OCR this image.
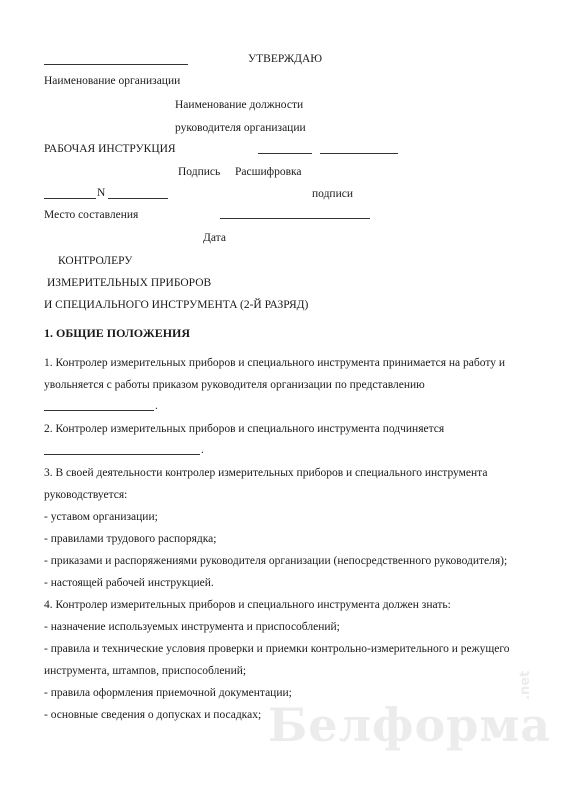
УТВЕРЖДАЮ
Наименование организации
Наименование должности
руководителя организации
РАБОЧАЯ ИНСТРУКЦИЯ
Подпись Расшифровка
N	подписи
Место составления
Дата
КОНТРОЛЕРУ
ИЗМЕРИТЕЛЬНЫХ ПРИБОРОВ
И СПЕЦИАЛЬНОГО ИНСТРУМЕНТА (2-Й РАЗРЯД)
1. ОБЩИЕ ПОЛОЖЕНИЯ
1. Контролер измерительных приборов и специального инструмента принимается на работу и
увольняется с работы приказом руководителя организации по представлению
.
2. Контролер измерительных приборов и специального инструмента подчиняется
.
3. В своей деятельности контролер измерительных приборов и специального инструмента
руководствуется:
- уставом организации;
- правилами трудового распорядка;
- приказами и распоряжениями руководителя организации (непосредственного руководителя);
- настоящей рабочей инструкцией.
4. Контролер измерительных приборов и специального инструмента должен знать:
- назначение используемых инструмента и приспособлений;
- правила и технические условия проверки и приемки контрольно-измерительного и режущего
инструмента, штампов, приспособлений;
- правила оформления приемочной документации;
- основные сведения о допусках и посадках; Белформа
.net
